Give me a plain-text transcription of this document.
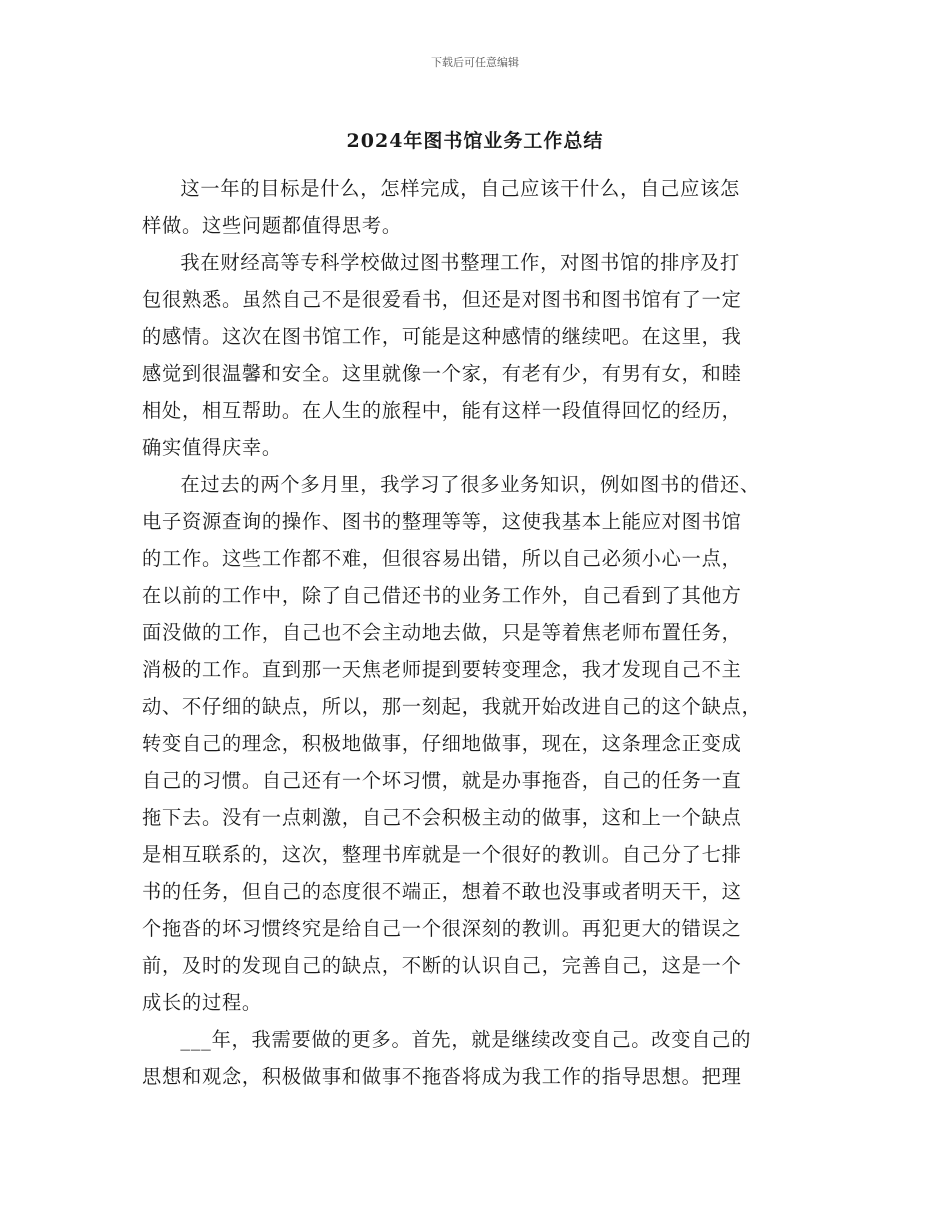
下载后可任意编辑
2024年图书馆业务工作总结
这一年的目标是什么，怎样完成，自己应该干什么，自己应该怎
样做。这些问题都值得思考。
我在财经高等专科学校做过图书整理工作，对图书馆的排序及打
包很熟悉。虽然自己不是很爱看书，但还是对图书和图书馆有了一定
的感情。这次在图书馆工作，可能是这种感情的继续吧。在这里，我
感觉到很温馨和安全。这里就像一个家，有老有少，有男有女，和睦
相处，相互帮助。在人生的旅程中，能有这样一段值得回忆的经历，
确实值得庆幸。
在过去的两个多月里，我学习了很多业务知识，例如图书的借还、
电子资源查询的操作、图书的整理等等，这使我基本上能应对图书馆
的工作。这些工作都不难，但很容易出错，所以自己必须小心一点，
在以前的工作中，除了自己借还书的业务工作外，自己看到了其他方
面没做的工作，自己也不会主动地去做，只是等着焦老师布置任务，
消极的工作。直到那一天焦老师提到要转变理念，我才发现自己不主
动、不仔细的缺点，所以，那一刻起，我就开始改进自己的这个缺点，
转变自己的理念，积极地做事，仔细地做事，现在，这条理念正变成
自己的习惯。自己还有一个坏习惯，就是办事拖沓，自己的任务一直
拖下去。没有一点刺激，自己不会积极主动的做事，这和上一个缺点
是相互联系的，这次，整理书库就是一个很好的教训。自己分了七排
书的任务，但自己的态度很不端正，想着不敢也没事或者明天干，这
个拖沓的坏习惯终究是给自己一个很深刻的教训。再犯更大的错误之
前，及时的发现自己的缺点，不断的认识自己，完善自己，这是一个
成长的过程。
___年，我需要做的更多。首先，就是继续改变自己。改变自己的
思想和观念，积极做事和做事不拖沓将成为我工作的指导思想。把理
